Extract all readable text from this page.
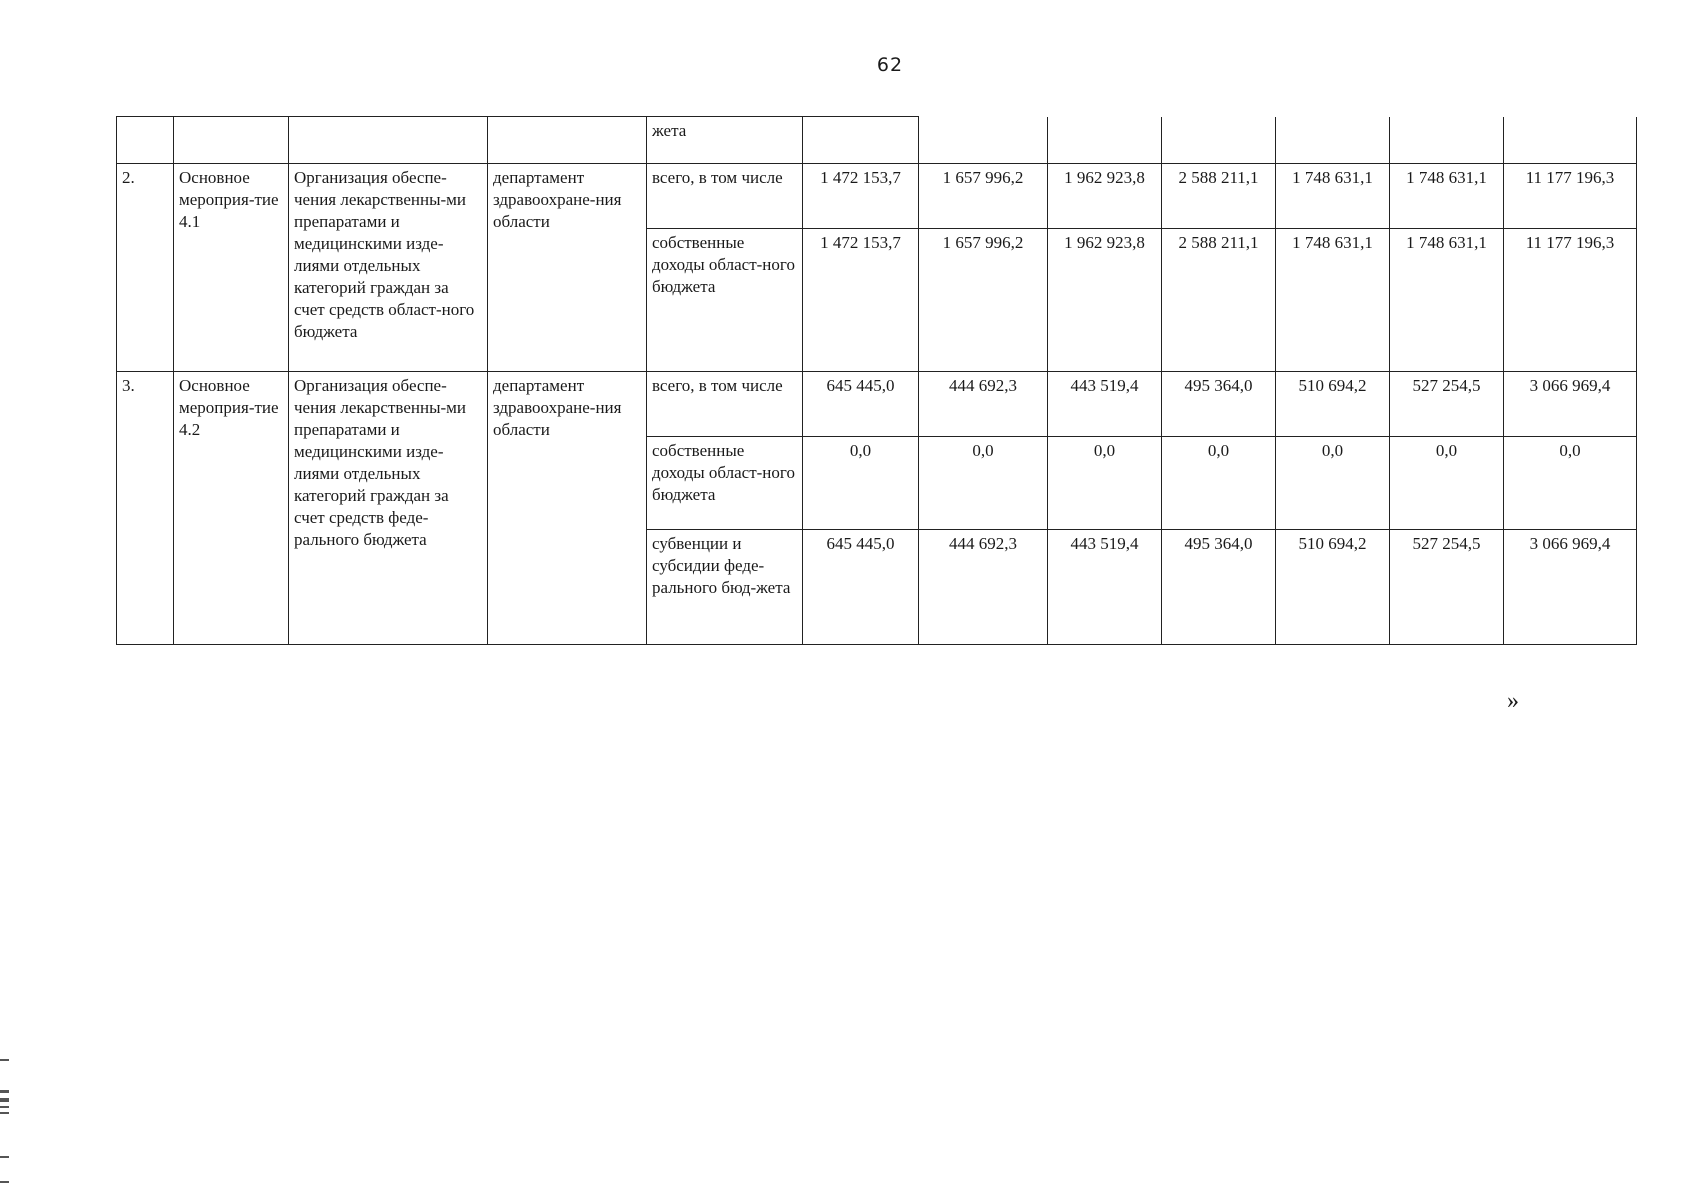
62
				жета							
2.	Основное мероприя-тие 4.1	Организация обеспе-чения лекарственны-ми препаратами и медицинскими изде-лиями отдельных категорий граждан за счет средств област-ного бюджета	департамент здравоохране-ния области	всего, в том числе	1 472 153,7	1 657 996,2	1 962 923,8	2 588 211,1	1 748 631,1	1 748 631,1	11 177 196,3
				собственные доходы област-ного бюджета	1 472 153,7	1 657 996,2	1 962 923,8	2 588 211,1	1 748 631,1	1 748 631,1	11 177 196,3
3.	Основное мероприя-тие 4.2	Организация обеспе-чения лекарственны-ми препаратами и медицинскими изде-лиями отдельных категорий граждан за счет средств феде-рального бюджета	департамент здравоохране-ния области	всего, в том числе	645 445,0	444 692,3	443 519,4	495 364,0	510 694,2	527 254,5	3 066 969,4
				собственные доходы област-ного бюджета	0,0	0,0	0,0	0,0	0,0	0,0	0,0
				субвенции и субсидии феде-рального бюд-жета	645 445,0	444 692,3	443 519,4	495 364,0	510 694,2	527 254,5	3 066 969,4
»
